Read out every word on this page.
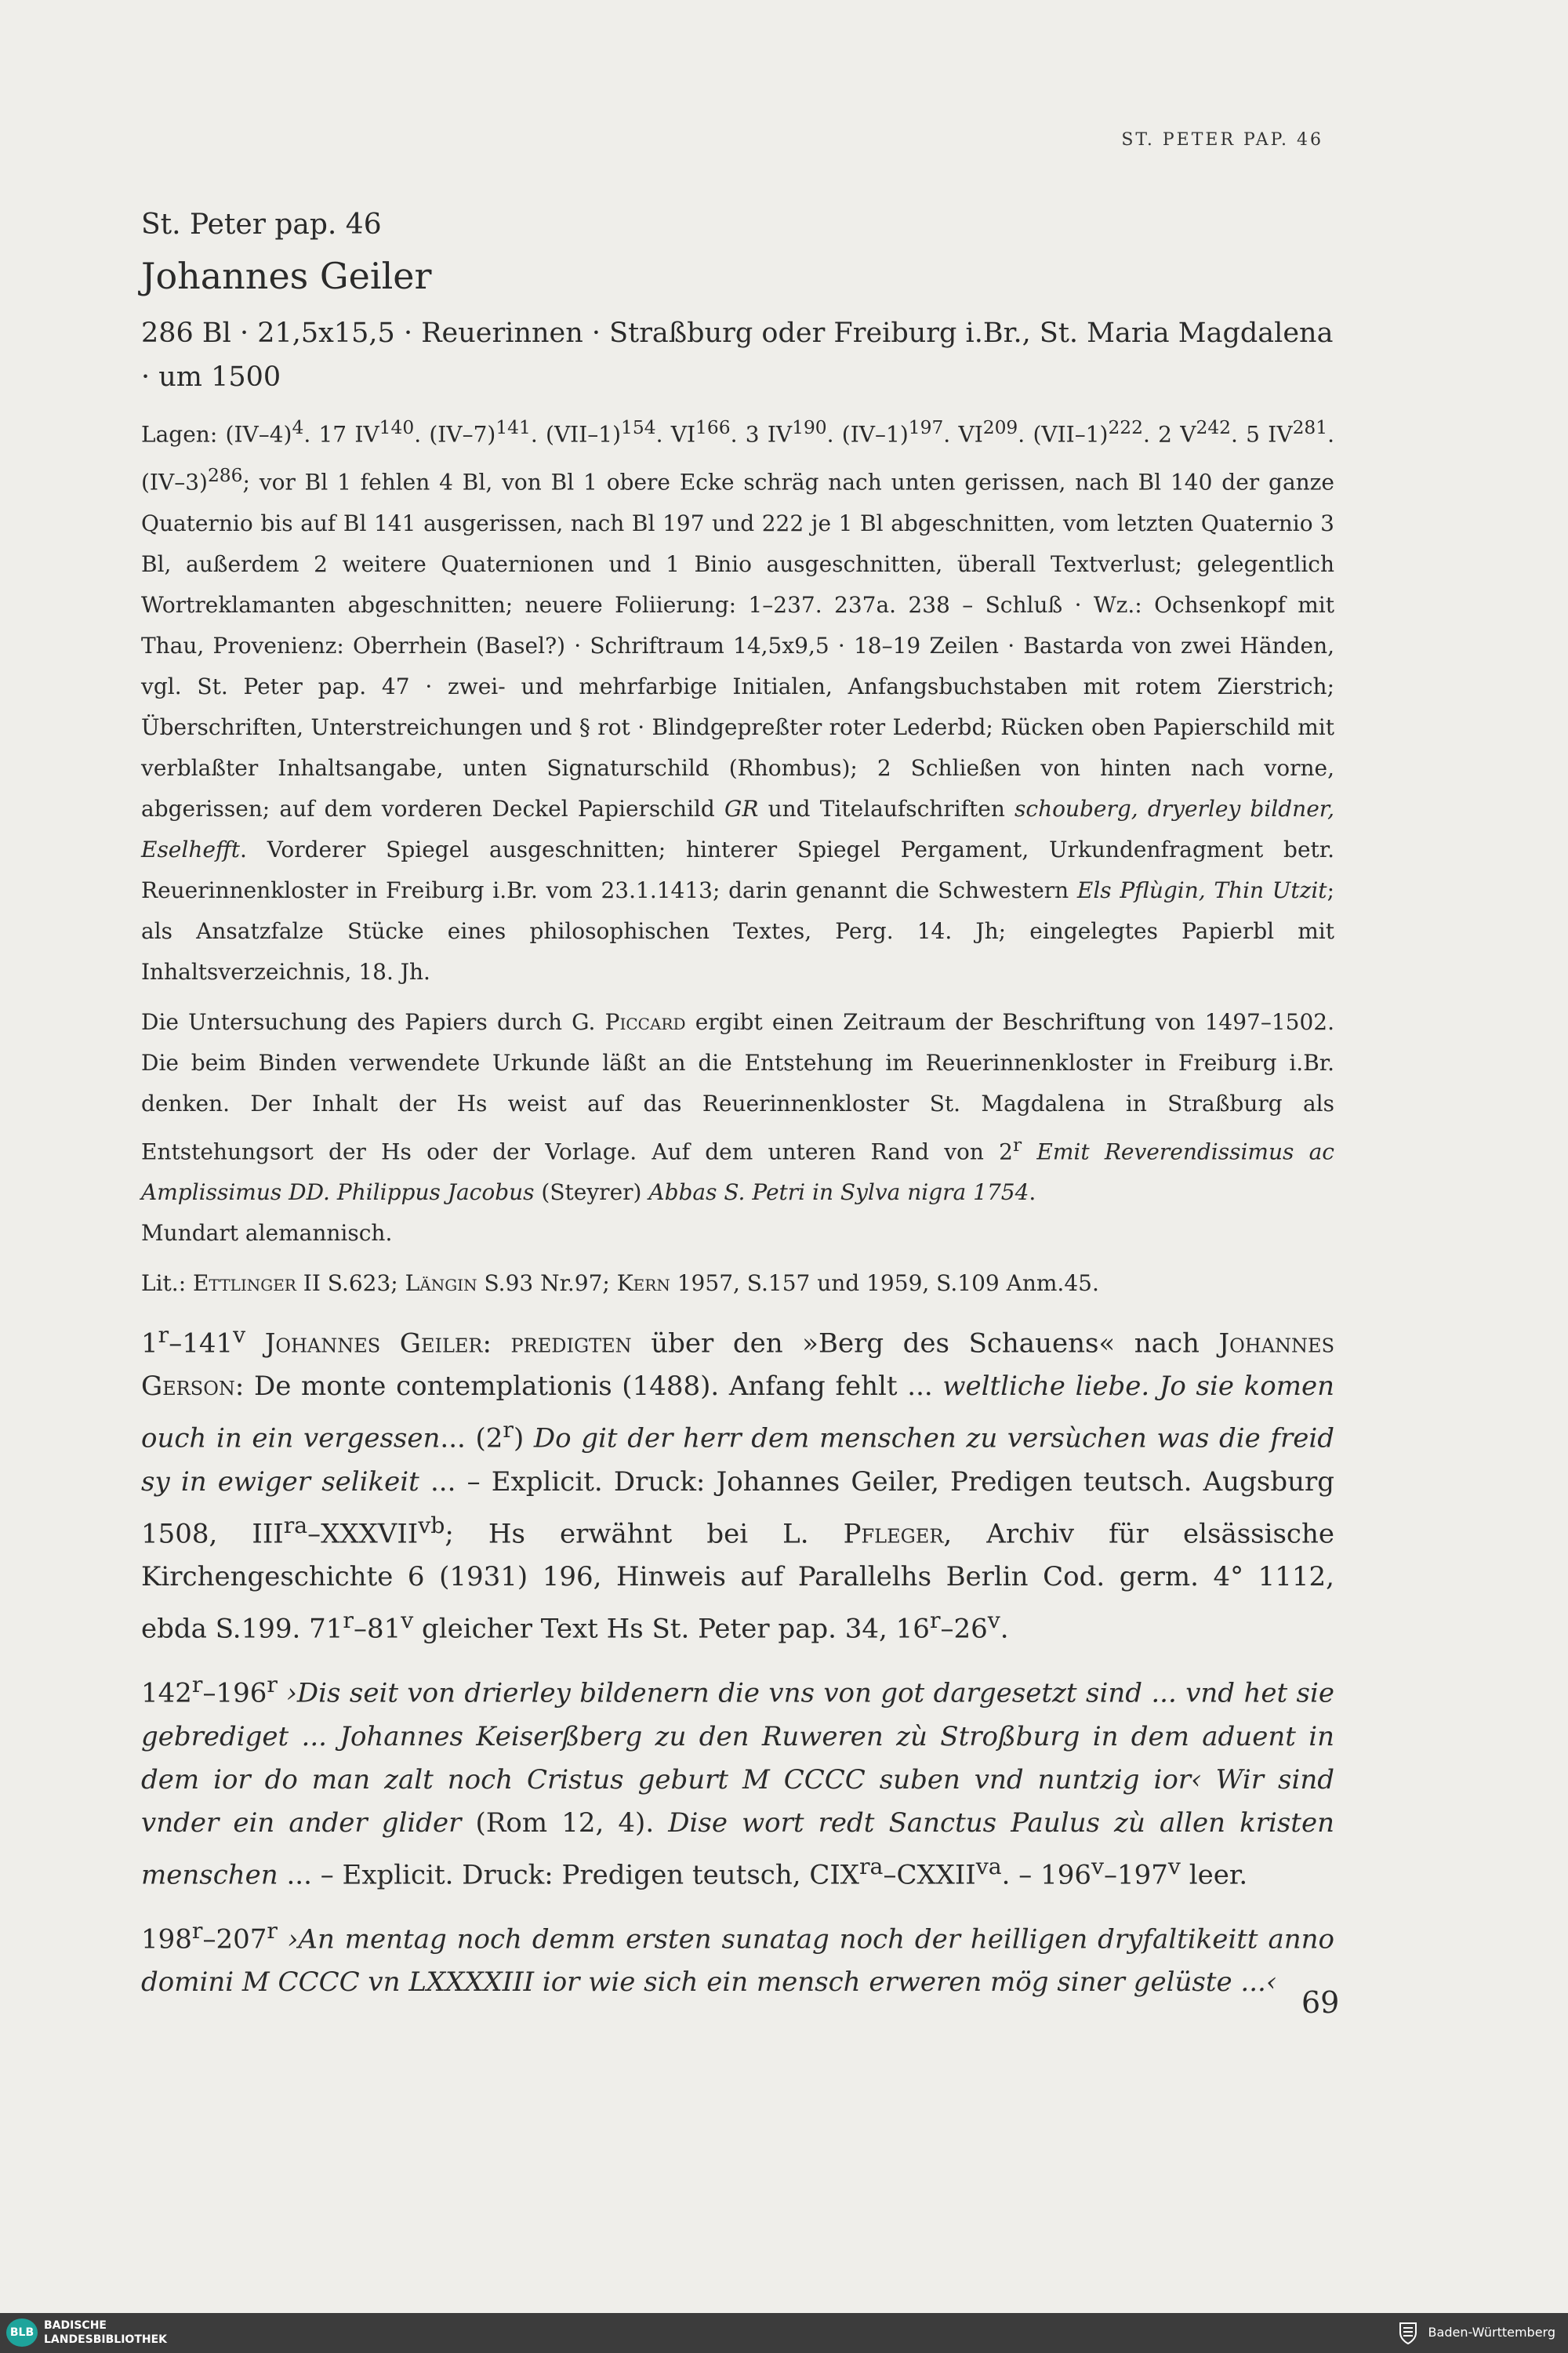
ST. PETER PAP. 46
St. Peter pap. 46
Johannes Geiler
286 Bl · 21,5x15,5 · Reuerinnen · Straßburg oder Freiburg i.Br., St. Maria Magdalena · um 1500
Lagen: $(IV-4)^4$. 17 IV$^{140}$. $(IV-7)^{141}$. $(VII-1)^{154}$. VI$^{166}$. 3 IV$^{190}$. $(IV-1)^{197}$. VI$^{209}$. $(VII-1)^{222}$. 2 $V^{242}$. 5 IV$^{281}$. $(IV-3)^{286}$; vor Bl 1 fehlen 4 Bl, von Bl 1 obere Ecke schräg nach unten gerissen, nach Bl 140 der ganze Quaternio bis auf Bl 141 ausgerissen, nach Bl 197 und 222 je 1 Bl abgeschnitten, vom letzten Quaternio 3 Bl, außerdem 2 weitere Quaternionen und 1 Binio ausgeschnitten, überall Textverlust; gelegentlich Wortreklamanten abgeschnitten; neuere Foliierung: 1–237. 237a. 238 – Schluß · Wz.: Ochsenkopf mit Thau, Provenienz: Oberrhein (Basel?) · Schriftraum 14,5x9,5 · 18–19 Zeilen · Bastarda von zwei Händen, vgl. St. Peter pap. 47 · zwei- und mehrfarbige Initialen, Anfangsbuchstaben mit rotem Zierstrich; Überschriften, Unterstreichungen und § rot · Blindgepreßter roter Lederbd; Rücken oben Papierschild mit verblaßter Inhaltsangabe, unten Signaturschild (Rhombus); 2 Schließen von hinten nach vorne, abgerissen; auf dem vorderen Deckel Papierschild GR und Titelaufschriften schouberg, dryerley bildner, Eselhefft. Vorderer Spiegel ausgeschnitten; hinterer Spiegel Pergament, Urkundenfragment betr. Reuerinnenkloster in Freiburg i.Br. vom 23.1.1413; darin genannt die Schwestern Els Pflùgin, Thin Utzit; als Ansatzfalze Stücke eines philosophischen Textes, Perg. 14. Jh; eingelegtes Papierbl mit Inhaltsverzeichnis, 18. Jh.
Die Untersuchung des Papiers durch G. Piccard ergibt einen Zeitraum der Beschriftung von 1497–1502. Die beim Binden verwendete Urkunde läßt an die Entstehung im Reuerinnenkloster in Freiburg i.Br. denken. Der Inhalt der Hs weist auf das Reuerinnenkloster St. Magdalena in Straßburg als Entstehungsort der Hs oder der Vorlage. Auf dem unteren Rand von 2$^r$ Emit Reverendissimus ac Amplissimus DD. Philippus Jacobus (Steyrer) Abbas S. Petri in Sylva nigra 1754.
Mundart alemannisch.
Lit.: Ettlinger II S.623; Längin S.93 Nr.97; Kern 1957, S.157 und 1959, S.109 Anm.45.
1$^r$–141$^v$ Johannes Geiler: predigten über den »Berg des Schauens« nach Johannes Gerson: De monte contemplationis (1488). Anfang fehlt ... weltliche liebe. Jo sie komen ouch in ein vergessen... (2$^r$) Do git der herr dem menschen zu versùchen was die freid sy in ewiger selikeit ... – Explicit. Druck: Johannes Geiler, Predigen teutsch. Augsburg 1508, $III^{ra}-XXXVII^{vb}$; Hs erwähnt bei L. Pfleger, Archiv für elsässische Kirchengeschichte 6 (1931) 196, Hinweis auf Parallelhs Berlin Cod. germ. 4° 1112, ebda S.199. 71$^r$–81$^v$ gleicher Text Hs St. Peter pap. 34, 16$^r$–26$^v$.
142$^r$–196$^r$ ›Dis seit von drierley bildenern die vns von got dargesetzt sind ... vnd het sie gebrediget ... Johannes Keiserßberg zu den Ruweren zù Stroßburg in dem aduent in dem ior do man zalt noch Cristus geburt M CCCC suben vnd nuntzig ior‹ Wir sind vnder ein ander glider (Rom 12, 4). Dise wort redt Sanctus Paulus zù allen kristen menschen ... – Explicit. Druck: Predigen teutsch, $CIX^{ra}-CXXII^{va}$. – 196$^v$–197$^v$ leer.
198$^r$–207$^r$ ›An mentag noch demm ersten sunatag noch der heilligen dryfaltikeitt anno domini M CCCC vn LXXXXIII ior wie sich ein mensch erweren mög siner gelüste ...‹
69
BLB
BADISCHE
LANDESBIBLIOTHEK	Baden-Württemberg
